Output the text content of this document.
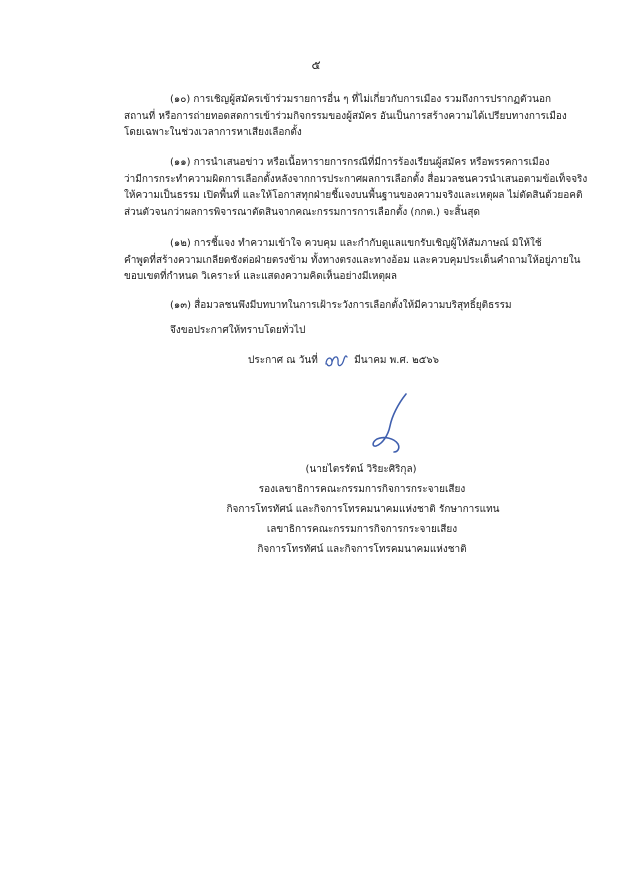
๕
(๑๐) การเชิญผู้สมัครเข้าร่วมรายการอื่น ๆ ที่ไม่เกี่ยวกับการเมือง รวมถึงการปรากฏตัวนอก
สถานที่ หรือการถ่ายทอดสดการเข้าร่วมกิจกรรมของผู้สมัคร อันเป็นการสร้างความได้เปรียบทางการเมือง
โดยเฉพาะในช่วงเวลาการหาเสียงเลือกตั้ง
(๑๑) การนำเสนอข่าว หรือเนื้อหารายการกรณีที่มีการร้องเรียนผู้สมัคร หรือพรรคการเมือง
ว่ามีการกระทำความผิดการเลือกตั้งหลังจากการประกาศผลการเลือกตั้ง สื่อมวลชนควรนำเสนอตามข้อเท็จจริง
ให้ความเป็นธรรม เปิดพื้นที่ และให้โอกาสทุกฝ่ายชี้แจงบนพื้นฐานของความจริงและเหตุผล ไม่ตัดสินด้วยอคติ
ส่วนตัวจนกว่าผลการพิจารณาตัดสินจากคณะกรรมการการเลือกตั้ง (กกต.) จะสิ้นสุด
(๑๒) การชี้แจง ทำความเข้าใจ ควบคุม และกำกับดูแลแขกรับเชิญผู้ให้สัมภาษณ์ มิให้ใช้
คำพูดที่สร้างความเกลียดชังต่อฝ่ายตรงข้าม ทั้งทางตรงและทางอ้อม และควบคุมประเด็นคำถามให้อยู่ภายใน
ขอบเขตที่กำหนด วิเคราะห์ และแสดงความคิดเห็นอย่างมีเหตุผล
(๑๓) สื่อมวลชนพึงมีบทบาทในการเฝ้าระวังการเลือกตั้งให้มีความบริสุทธิ์ยุติธรรม
จึงขอประกาศให้ทราบโดยทั่วไป
ประกาศ ณ วันที่	มีนาคม พ.ศ. ๒๕๖๖
(นายไตรรัตน์ วิริยะศิริกุล)
รองเลขาธิการคณะกรรมการกิจการกระจายเสียง
กิจการโทรทัศน์ และกิจการโทรคมนาคมแห่งชาติ รักษาการแทน
เลขาธิการคณะกรรมการกิจการกระจายเสียง
กิจการโทรทัศน์ และกิจการโทรคมนาคมแห่งชาติ
